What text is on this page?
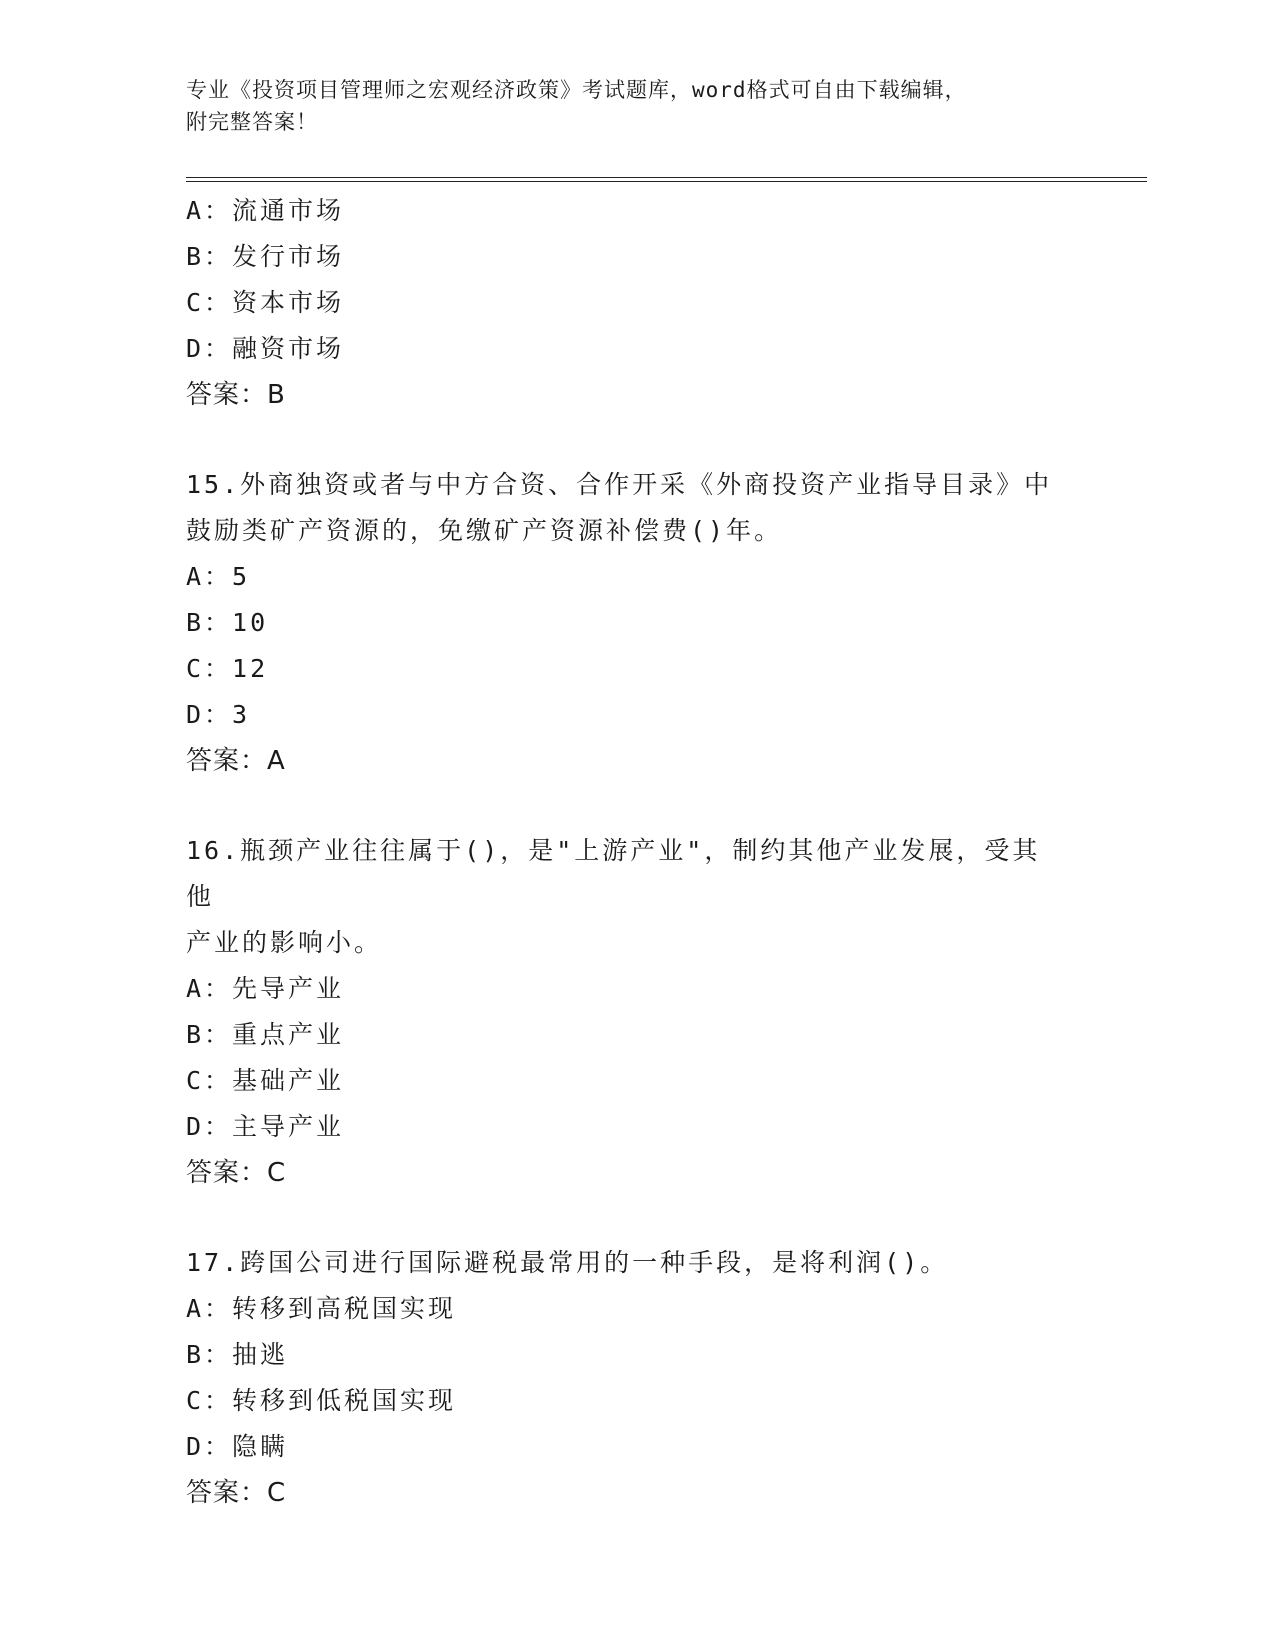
专业《投资项目管理师之宏观经济政策》考试题库，word格式可自由下载编辑，
附完整答案！
A：流通市场
B：发行市场
C：资本市场
D：融资市场
答案：B
15.外商独资或者与中方合资、合作开采《外商投资产业指导目录》中
鼓励类矿产资源的，免缴矿产资源补偿费()年。
A：5
B：10
C：12
D：3
答案：A
16.瓶颈产业往往属于()，是"上游产业"，制约其他产业发展，受其他
产业的影响小。
A：先导产业
B：重点产业
C：基础产业
D：主导产业
答案：C
17.跨国公司进行国际避税最常用的一种手段，是将利润()。
A：转移到高税国实现
B：抽逃
C：转移到低税国实现
D：隐瞒
答案：C
